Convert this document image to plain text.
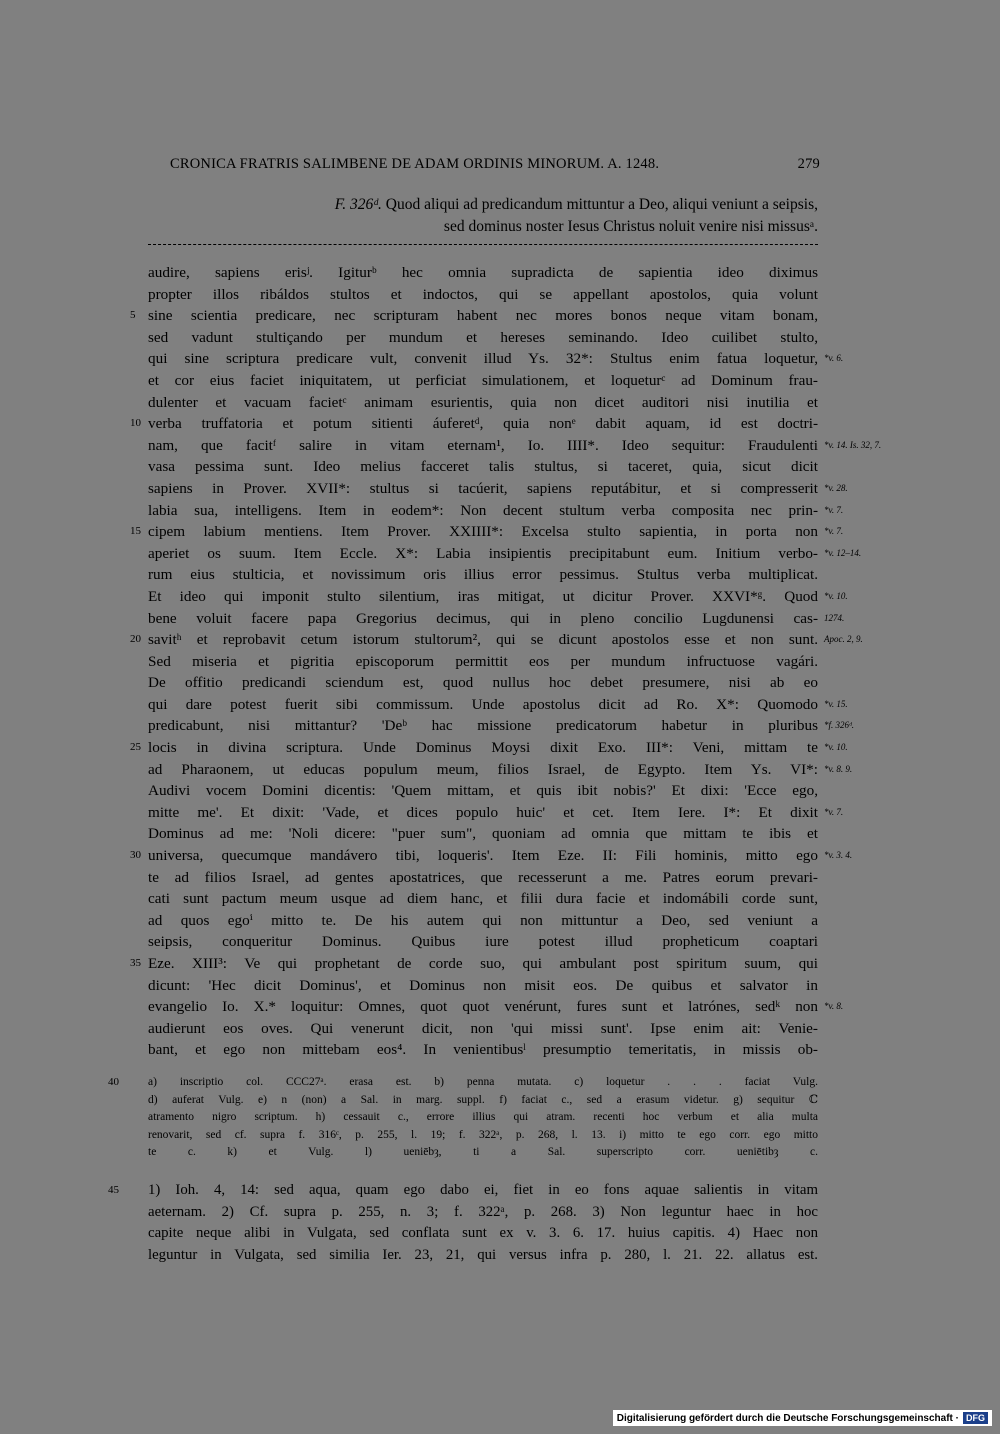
CRONICA FRATRIS SALIMBENE DE ADAM ORDINIS MINORUM. A. 1248.	279
F. 326ᵈ. Quod aliqui ad predicandum mittuntur a Deo, aliqui veniunt a seipsis,
sed dominus noster Iesus Christus noluit venire nisi missusᵃ.
audire, sapiens erisʲ. Igiturᵇ hec omnia supradicta de sapientia ideo diximus
propter illos ribáldos stultos et indoctos, qui se appellant apostolos, quia volunt
5 sine scientia predicare, nec scripturam habent nec mores bonos neque vitam bonam,
sed vadunt stultiçando per mundum et hereses seminando. Ideo cuilibet stulto,
qui sine scriptura predicare vult, convenit illud Ys. 32*: Stultus enim fatua loquetur, *v. 6.
et cor eius faciet iniquitatem, ut perficiat simulationem, et loqueturᶜ ad Dominum frau-
dulenter et vacuam facietᶜ animam esurientis, quia non dicet auditori nisi inutilia et
10 verba truffatoria et potum sitienti áuferetᵈ, quia nonᵉ dabit aquam, id est doctri-
nam, que facitᶠ salire in vitam eternam¹, Io. IIII*. Ideo sequitur: Fraudulenti *v. 14. Is. 32, 7.
vasa pessima sunt. Ideo melius facceret talis stultus, si taceret, quia, sicut dicit
sapiens in Prover. XVII*: stultus si tacúerit, sapiens reputábitur, et si compresserit *v. 28.
labia sua, intelligens. Item in eodem*: Non decent stultum verba composita nec prin- *v. 7.
15 cipem labium mentiens. Item Prover. XXIIII*: Excelsa stulto sapientia, in porta non *v. 7.
aperiet os suum. Item Eccle. X*: Labia insipientis precipitabunt eum. Initium verbo- *v. 12–14.
rum eius stulticia, et novissimum oris illius error pessimus. Stultus verba multiplicat.
Et ideo qui imponit stulto silentium, iras mitigat, ut dicitur Prover. XXVI*ᵍ. Quod *v. 10.
bene voluit facere papa Gregorius decimus, qui in pleno concilio Lugdunensi cas- 1274.
20 savitʰ et reprobavit cetum istorum stultorum², qui se dicunt apostolos esse et non sunt. Apoc. 2, 9.
Sed miseria et pigritia episcoporum permittit eos per mundum infructuose vagári.
De offitio predicandi sciendum est, quod nullus hoc debet presumere, nisi ab eo
qui dare potest fuerit sibi commissum. Unde apostolus dicit ad Ro. X*: Quomodo *v. 15.
predicabunt, nisi mittantur? 'Deᵇ hac missione predicatorum habetur in pluribus *f. 326ᵈ.
25 locis in divina scriptura. Unde Dominus Moysi dixit Exo. III*: Veni, mittam te *v. 10.
ad Pharaonem, ut educas populum meum, filios Israel, de Egypto. Item Ys. VI*: *v. 8. 9.
Audivi vocem Domini dicentis: 'Quem mittam, et quis ibit nobis?' Et dixi: 'Ecce ego,
mitte me'. Et dixit: 'Vade, et dices populo huic' et cet. Item Iere. I*: Et dixit *v. 7.
Dominus ad me: 'Noli dicere: "puer sum", quoniam ad omnia que mittam te ibis et
30 universa, quecumque mandávero tibi, loqueris'. Item Eze. II: Fili hominis, mitto ego *v. 3. 4.
te ad filios Israel, ad gentes apostatrices, que recesserunt a me. Patres eorum prevari-
cati sunt pactum meum usque ad diem hanc, et filii dura facie et indomábili corde sunt,
ad quos egoⁱ mitto te. De his autem qui non mittuntur a Deo, sed veniunt a
seipsis, conqueritur Dominus. Quibus iure potest illud propheticum coaptari
35 Eze. XIII³: Ve qui prophetant de corde suo, qui ambulant post spiritum suum, qui
dicunt: 'Hec dicit Dominus', et Dominus non misit eos. De quibus et salvator in
evangelio Io. X.* loquitur: Omnes, quot quot venérunt, fures sunt et latrónes, sedᵏ non *v. 8.
audierunt eos oves. Qui venerunt dicit, non 'qui missi sunt'. Ipse enim ait: Venie-
bant, et ego non mittebam eos⁴. In venientibusˡ presumptio temeritatis, in missis ob-
40	a) inscriptio col. CCC27ᵃ. erasa est. b) penna mutata. c) loquetur . . . faciat Vulg.
d) auferat Vulg. e) n (non) a Sal. in marg. suppl. f) faciat c., sed a erasum videtur. g) sequitur ℂ
atramento nigro scriptum. h) cessauit c., errore illius qui atram. recenti hoc verbum et alia multa
renovarit, sed cf. supra f. 316ᶜ, p. 255, l. 19; f. 322ᵃ, p. 268, l. 13. i) mitto te ego corr. ego mitto
te c. k) et Vulg. l) ueniēbȝ, ti a Sal. superscripto corr. ueniētibȝ c.
45 1) Ioh. 4, 14: sed aqua, quam ego dabo ei, fiet in eo fons aquae salientis in vitam
aeternam. 2) Cf. supra p. 255, n. 3; f. 322ᵃ, p. 268. 3) Non leguntur haec in hoc
capite neque alibi in Vulgata, sed conflata sunt ex v. 3. 6. 17. huius capitis. 4) Haec non
leguntur in Vulgata, sed similia Ier. 23, 21, qui versus infra p. 280, l. 21. 22. allatus est.
Digitalisierung gefördert durch die Deutsche Forschungsgemeinschaft · DFG
